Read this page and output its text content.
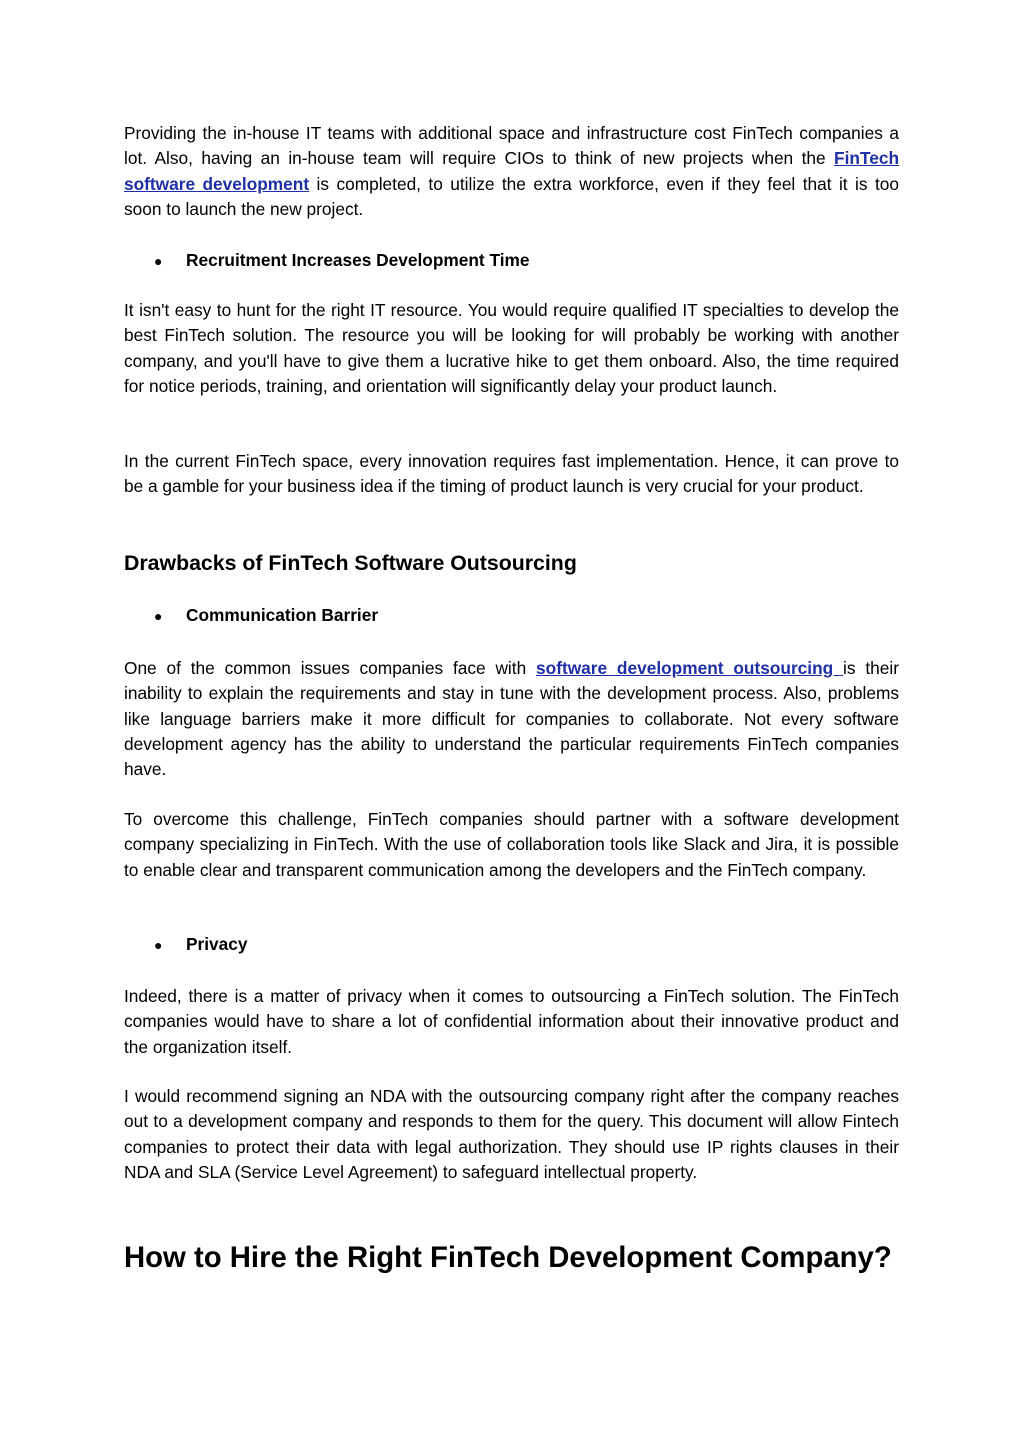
Providing the in-house IT teams with additional space and infrastructure cost FinTech companies a lot. Also, having an in-house team will require CIOs to think of new projects when the FinTech software development is completed, to utilize the extra workforce, even if they feel that it is too soon to launch the new project.

● Recruitment Increases Development Time

It isn't easy to hunt for the right IT resource. You would require qualified IT specialties to develop the best FinTech solution. The resource you will be looking for will probably be working with another company, and you'll have to give them a lucrative hike to get them onboard. Also, the time required for notice periods, training, and orientation will significantly delay your product launch.

In the current FinTech space, every innovation requires fast implementation. Hence, it can prove to be a gamble for your business idea if the timing of product launch is very crucial for your product.

Drawbacks of FinTech Software Outsourcing

● Communication Barrier

One of the common issues companies face with software development outsourcing is their inability to explain the requirements and stay in tune with the development process. Also, problems like language barriers make it more difficult for companies to collaborate. Not every software development agency has the ability to understand the particular requirements FinTech companies have.

To overcome this challenge, FinTech companies should partner with a software development company specializing in FinTech. With the use of collaboration tools like Slack and Jira, it is possible to enable clear and transparent communication among the developers and the FinTech company.

● Privacy

Indeed, there is a matter of privacy when it comes to outsourcing a FinTech solution. The FinTech companies would have to share a lot of confidential information about their innovative product and the organization itself.

I would recommend signing an NDA with the outsourcing company right after the company reaches out to a development company and responds to them for the query. This document will allow Fintech companies to protect their data with legal authorization. They should use IP rights clauses in their NDA and SLA (Service Level Agreement) to safeguard intellectual property.

How to Hire the Right FinTech Development Company?
